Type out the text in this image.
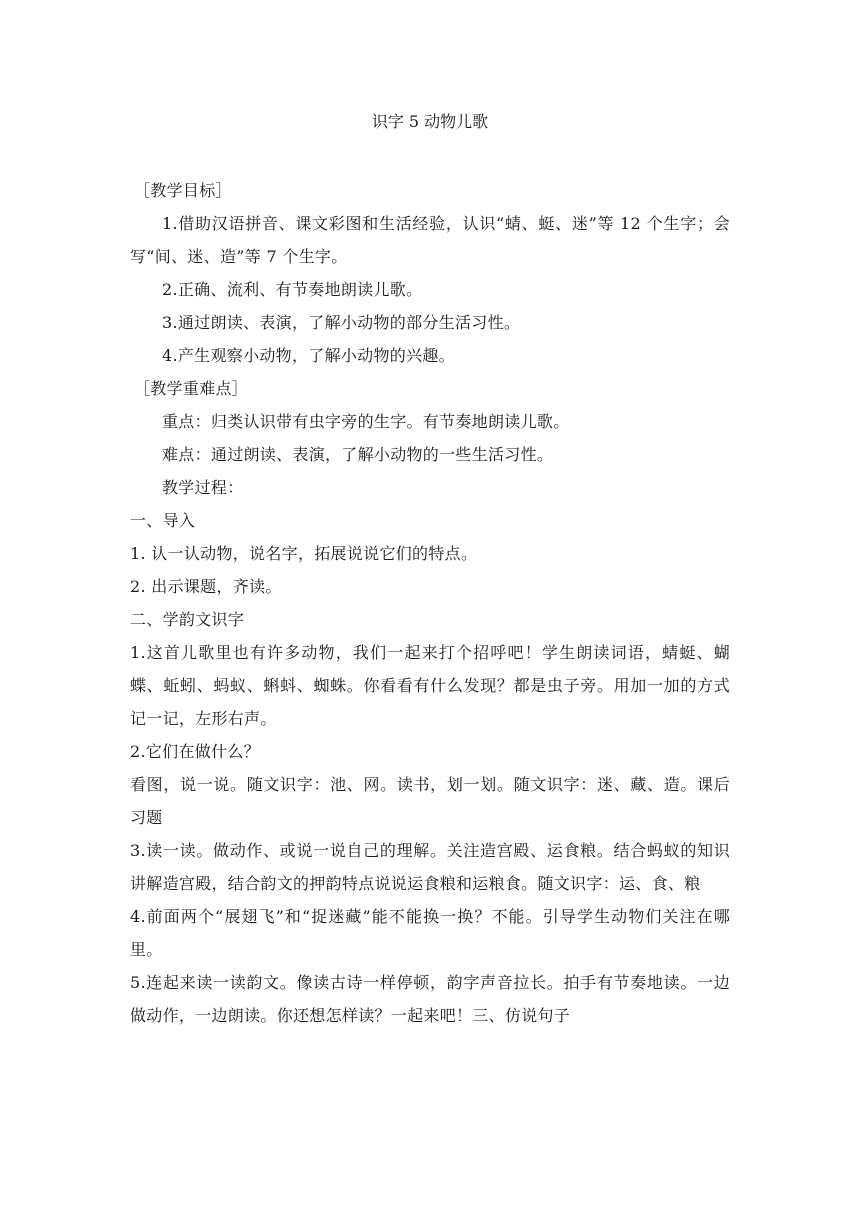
识字 5 动物儿歌

［教学目标］

1.借助汉语拼音、课文彩图和生活经验，认识“蜻、蜓、迷”等 12 个生字；会写“间、迷、造”等 7 个生字。

2.正确、流利、有节奏地朗读儿歌。

3.通过朗读、表演，了解小动物的部分生活习性。

4.产生观察小动物，了解小动物的兴趣。

［教学重难点］

重点：归类认识带有虫字旁的生字。有节奏地朗读儿歌。

难点：通过朗读、表演，了解小动物的一些生活习性。

教学过程：

一、导入

1. 认一认动物，说名字，拓展说说它们的特点。

2. 出示课题，齐读。

二、学韵文识字

1.这首儿歌里也有许多动物，我们一起来打个招呼吧！学生朗读词语，蜻蜓、蝴蝶、蚯蚓、蚂蚁、蝌蚪、蜘蛛。你看看有什么发现？都是虫子旁。用加一加的方式记一记，左形右声。

2.它们在做什么？

看图，说一说。随文识字：池、网。读书，划一划。随文识字：迷、藏、造。课后习题

3.读一读。做动作、或说一说自己的理解。关注造宫殿、运食粮。结合蚂蚁的知识讲解造宫殿，结合韵文的押韵特点说说运食粮和运粮食。随文识字：运、食、粮

4.前面两个“展翅飞”和“捉迷藏”能不能换一换？不能。引导学生动物们关注在哪里。

5.连起来读一读韵文。像读古诗一样停顿，韵字声音拉长。拍手有节奏地读。一边做动作，一边朗读。你还想怎样读？一起来吧！三、仿说句子
